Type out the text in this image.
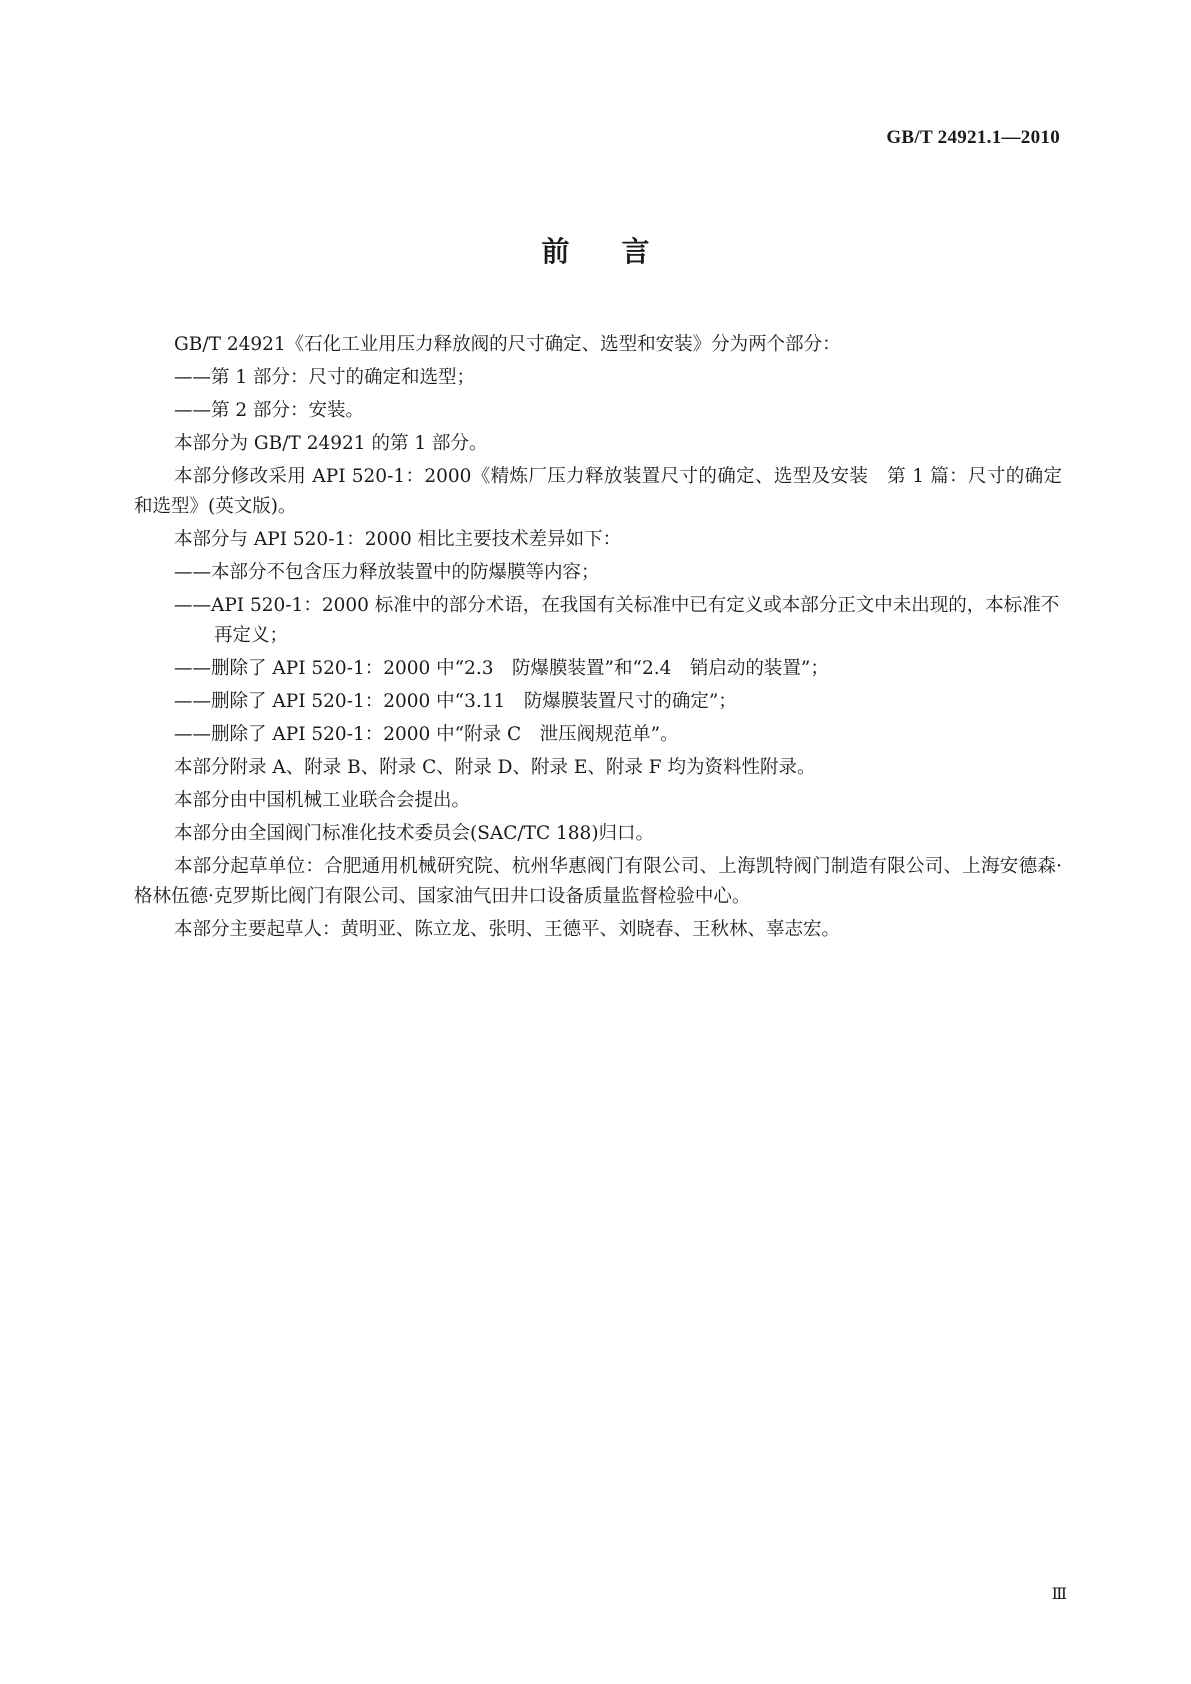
GB/T 24921.1—2010
前言

GB/T 24921《石化工业用压力释放阀的尺寸确定、选型和安装》分为两个部分：

——第 1 部分：尺寸的确定和选型；

——第 2 部分：安装。

本部分为 GB/T 24921 的第 1 部分。

本部分修改采用 API 520-1：2000《精炼厂压力释放装置尺寸的确定、选型及安装　第 1 篇：尺寸的确定和选型》(英文版)。

本部分与 API 520-1：2000 相比主要技术差异如下：

——本部分不包含压力释放装置中的防爆膜等内容；

——API 520-1：2000 标准中的部分术语，在我国有关标准中已有定义或本部分正文中未出现的，本标准不再定义；

——删除了 API 520-1：2000 中“2.3　防爆膜装置”和“2.4　销启动的装置”；

——删除了 API 520-1：2000 中“3.11　防爆膜装置尺寸的确定”；

——删除了 API 520-1：2000 中“附录 C　泄压阀规范单”。

本部分附录 A、附录 B、附录 C、附录 D、附录 E、附录 F 均为资料性附录。

本部分由中国机械工业联合会提出。

本部分由全国阀门标准化技术委员会(SAC/TC 188)归口。

本部分起草单位：合肥通用机械研究院、杭州华惠阀门有限公司、上海凯特阀门制造有限公司、上海安德森·格林伍德·克罗斯比阀门有限公司、国家油气田井口设备质量监督检验中心。

本部分主要起草人：黄明亚、陈立龙、张明、王德平、刘晓春、王秋林、辜志宏。

Ⅲ
